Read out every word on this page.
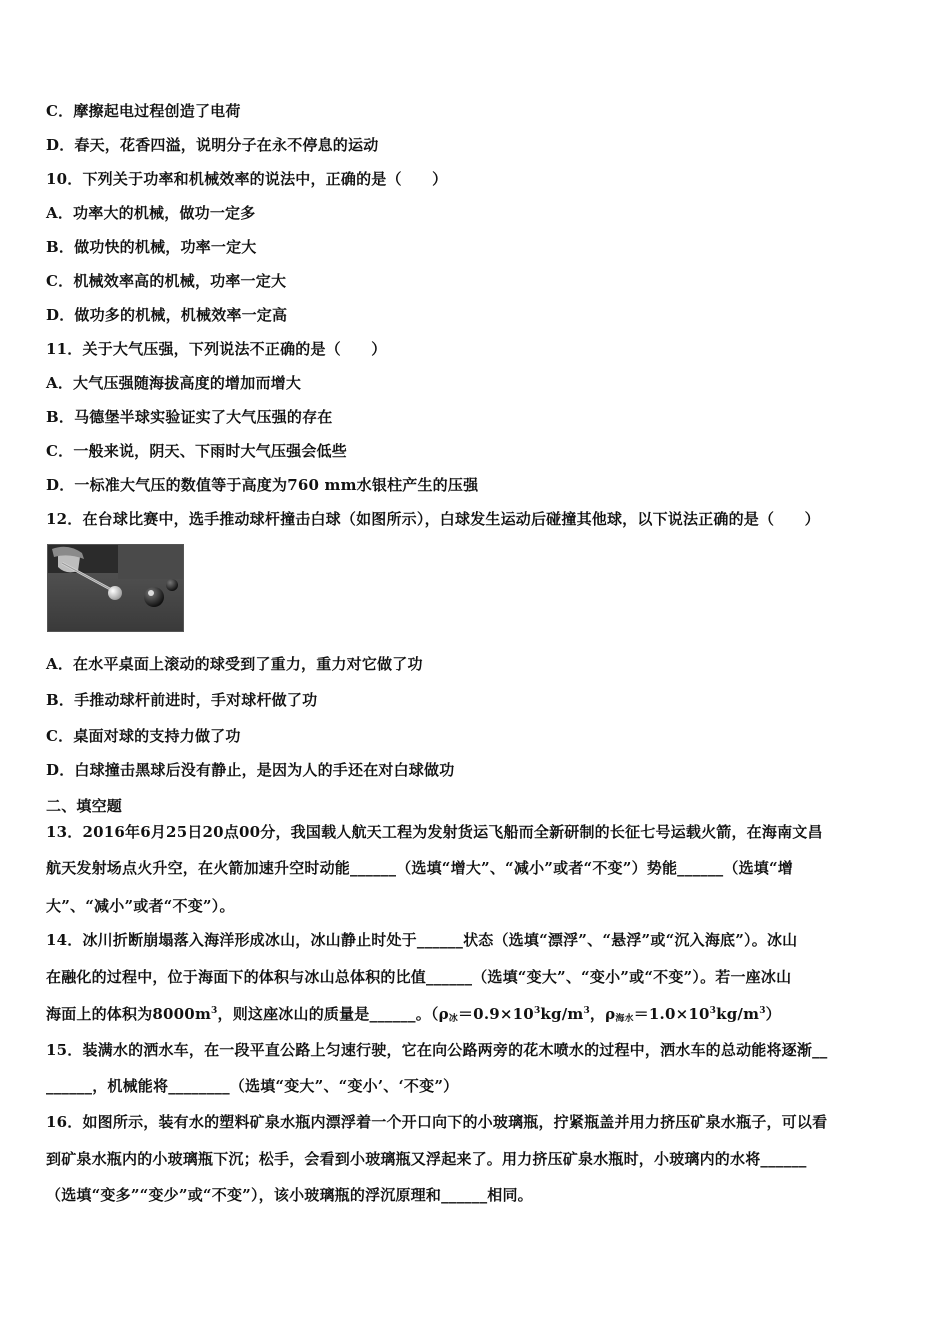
C．摩擦起电过程创造了电荷
D．春天，花香四溢，说明分子在永不停息的运动
10．下列关于功率和机械效率的说法中，正确的是（　　）
A．功率大的机械，做功一定多
B．做功快的机械，功率一定大
C．机械效率高的机械，功率一定大
D．做功多的机械，机械效率一定高
11．关于大气压强，下列说法不正确的是（　　）
A．大气压强随海拔高度的增加而增大
B．马德堡半球实验证实了大气压强的存在
C．一般来说，阴天、下雨时大气压强会低些
D．一标准大气压的数值等于高度为760 mm水银柱产生的压强
12．在台球比赛中，选手推动球杆撞击白球（如图所示），白球发生运动后碰撞其他球，以下说法正确的是（　　）
A．在水平桌面上滚动的球受到了重力，重力对它做了功
B．手推动球杆前进时，手对球杆做了功
C．桌面对球的支持力做了功
D．白球撞击黑球后没有静止，是因为人的手还在对白球做功
二、填空题
13．2016年6月25日20点00分，我国载人航天工程为发射货运飞船而全新研制的长征七号运载火箭，在海南文昌
航天发射场点火升空，在火箭加速升空时动能______（选填“增大”、“减小”或者“不变”）势能______（选填“增
大”、“减小”或者“不变”）。
14．冰川折断崩塌落入海洋形成冰山，冰山静止时处于______状态（选填“漂浮”、“悬浮”或“沉入海底”）。冰山
在融化的过程中，位于海面下的体积与冰山总体积的比值______（选填“变大”、“变小”或“不变”）。若一座冰山
海面上的体积为$8000m^3$，则这座冰山的质量是______。（$\rho_冰=0.9\times 10^3kg/m^3$，$\rho_{海水}=1.0\times 10^3kg/m^3$）
15．装满水的洒水车，在一段平直公路上匀速行驶，它在向公路两旁的花木喷水的过程中，洒水车的总动能将逐渐__
______，机械能将________（选填“变大”、“变小’、‘不变”）
16．如图所示，装有水的塑料矿泉水瓶内漂浮着一个开口向下的小玻璃瓶，拧紧瓶盖并用力挤压矿泉水瓶子，可以看
到矿泉水瓶内的小玻璃瓶下沉；松手，会看到小玻璃瓶又浮起来了。用力挤压矿泉水瓶时，小玻璃内的水将______
（选填“变多”“变少”或“不变”），该小玻璃瓶的浮沉原理和______相同。
